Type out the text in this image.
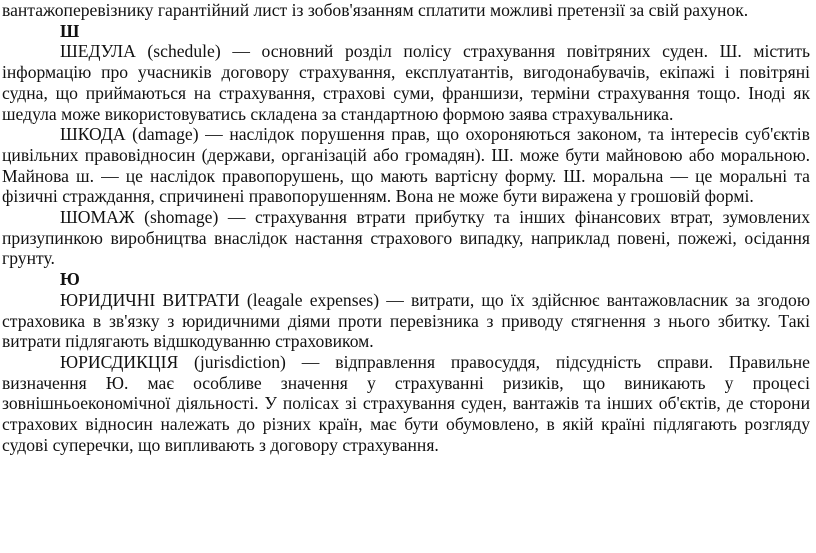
вантажоперевізнику гарантійний лист із зобов'язанням сплатити можливі претензії за свій рахунок.

Ш

ШЕДУЛА (schedule) — основний розділ полісу страхування повітряних суден. Ш. містить інформацію про учасників договору страхування, експлуатантів, вигодонабувачів, екіпажі і повітряні судна, що приймаються на страхування, страхові суми, франшизи, терміни страхування тощо. Іноді як шедула може використовуватись складена за стандартною формою заява страхувальника.

ШКОДА (damage) — наслідок порушення прав, що охороняються законом, та інтересів суб'єктів цивільних правовідносин (держави, організацій або громадян). Ш. може бути майновою або моральною. Майнова ш. — це наслідок правопорушень, що мають вартісну форму. Ш. моральна — це моральні та фізичні страждання, спричинені правопорушенням. Вона не може бути виражена у грошовій формі.

ШОМАЖ (shomage) — страхування втрати прибутку та інших фінансових втрат, зумовлених призупинкою виробництва внаслідок настання страхового випадку, наприклад повені, пожежі, осідання грунту.

Ю

ЮРИДИЧНІ ВИТРАТИ (leagale expenses) — витрати, що їх здійснює вантажовласник за згодою страховика в зв'язку з юридичними діями проти перевізника з приводу стягнення з нього збитку. Такі витрати підлягають відшкодуванню страховиком.

ЮРИСДИКЦІЯ (jurisdiction) — відправлення правосуддя, підсудність справи. Правильне визначення Ю. має особливе значення у страхуванні ризиків, що виникають у процесі зовнішньоекономічної діяльності. У полісах зі страхування суден, вантажів та інших об'єктів, де сторони страхових відносин належать до різних країн, має бути обумовлено, в якій країні підлягають розгляду судові суперечки, що випливають з договору страхування.
